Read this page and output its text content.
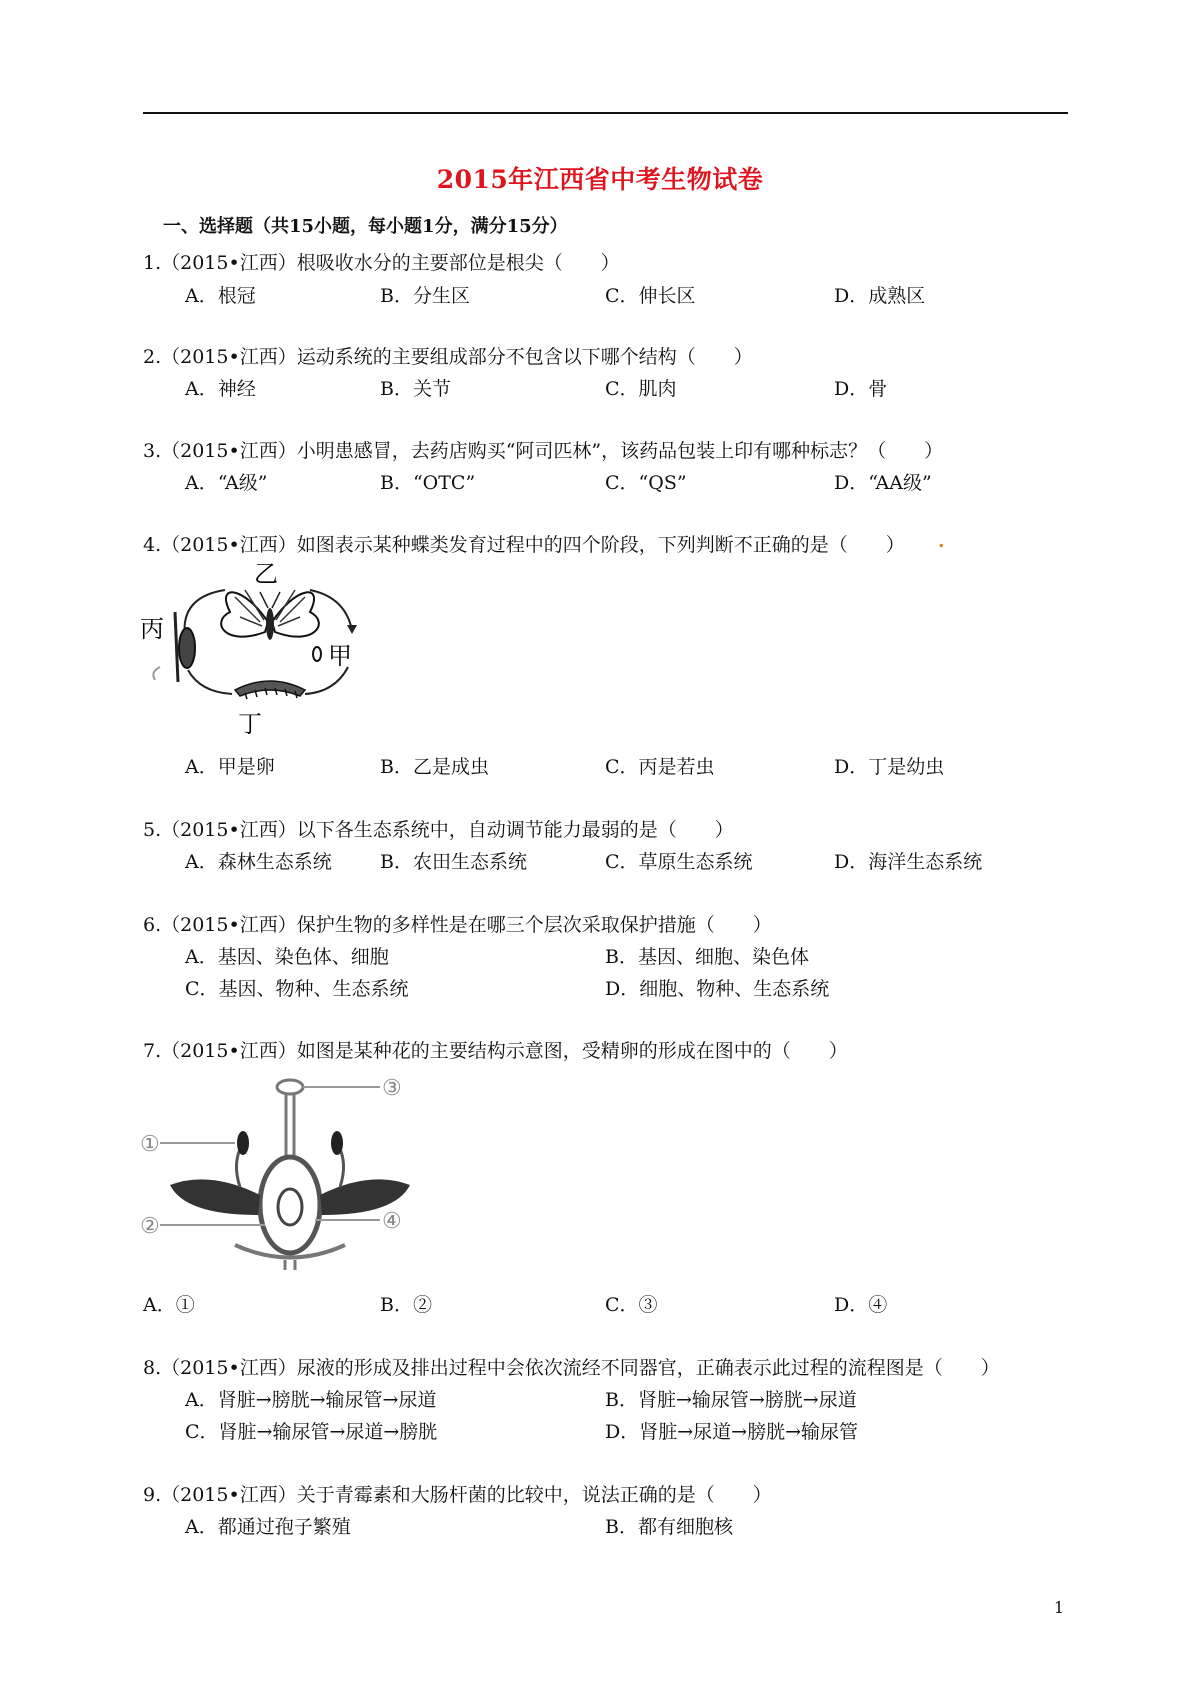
2015年江西省中考生物试卷
一、选择题（共15小题，每小题1分，满分15分）
1.（2015•江西）根吸收水分的主要部位是根尖（　　）
A．根冠	B．分生区	C．伸长区	D．成熟区
2.（2015•江西）运动系统的主要组成部分不包含以下哪个结构（　　）
A．神经	B．关节	C．肌肉	D．骨
3.（2015•江西）小明患感冒，去药店购买“阿司匹林”，该药品包装上印有哪种标志？（　　）
A．“A级”	B．“OTC”	C．“QS”	D．“AA级”
4.（2015•江西）如图表示某种蝶类发育过程中的四个阶段，下列判断不正确的是（　　） .
乙
丙
甲
丁
A．甲是卵	B．乙是成虫	C．丙是若虫	D．丁是幼虫
5.（2015•江西）以下各生态系统中，自动调节能力最弱的是（　　）
A．森林生态系统	B．农田生态系统	C．草原生态系统	D．海洋生态系统
6.（2015•江西）保护生物的多样性是在哪三个层次采取保护措施（　　）
A．基因、染色体、细胞	B．基因、细胞、染色体
C．基因、物种、生态系统	D．细胞、物种、生态系统
7.（2015•江西）如图是某种花的主要结构示意图，受精卵的形成在图中的（　　）
③
①
②	④
A．①	B．②	C．③	D．④
8.（2015•江西）尿液的形成及排出过程中会依次流经不同器官，正确表示此过程的流程图是（　　）
A．肾脏→膀胱→输尿管→尿道	B．肾脏→输尿管→膀胱→尿道
C．肾脏→输尿管→尿道→膀胱	D．肾脏→尿道→膀胱→输尿管
9.（2015•江西）关于青霉素和大肠杆菌的比较中，说法正确的是（　　）
A．都通过孢子繁殖	B．都有细胞核
1
